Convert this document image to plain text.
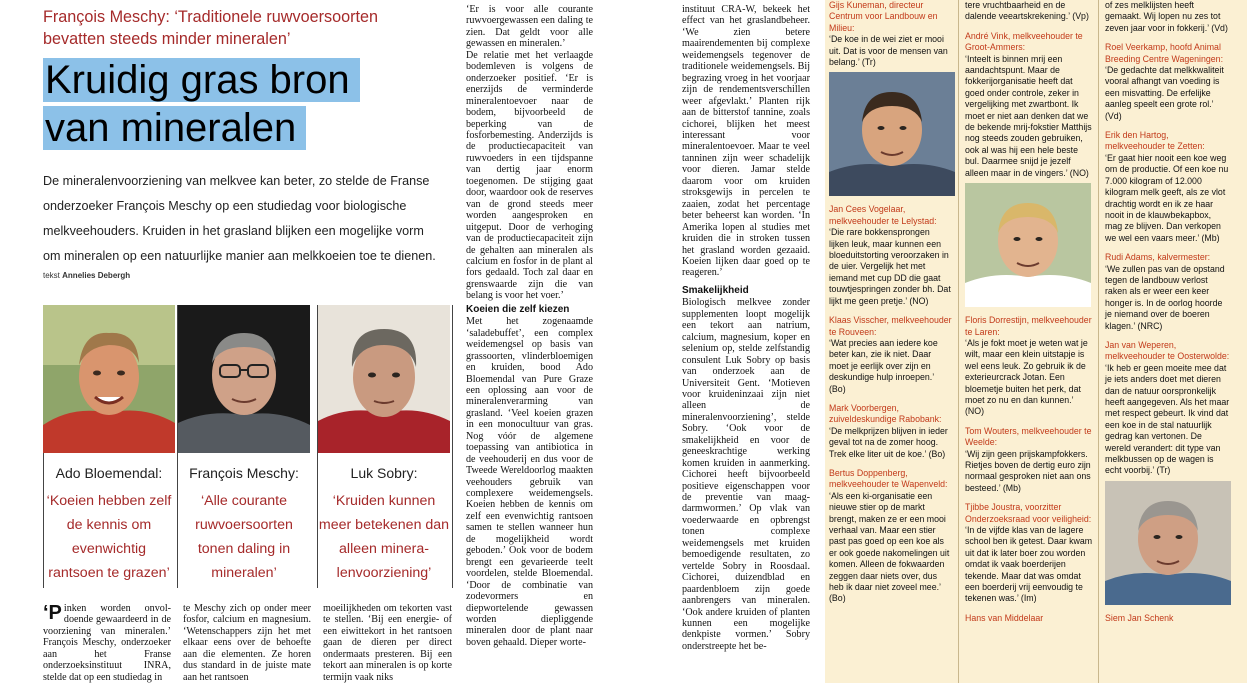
François Meschy: ‘Traditionele ruwvoersoorten bevatten steeds minder mineralen’
Kruidig gras bron
van mineralen
De mineralenvoorziening van melkvee kan beter, zo stelde de Franse onderzoeker François Meschy op een studiedag voor biologische melkveehouders. Kruiden in het grasland blijken een mogelijke vorm om mineralen op een natuurlijke manier aan melkkoeien toe te dienen.
tekst Annelies Debergh
Ado Bloemendal:
‘Koeien hebben zelf de kennis om evenwichtig rantsoen te grazen’
François Meschy:
‘Alle courante ruwvoersoorten tonen daling in mineralen’
Luk Sobry:
‘Kruiden kunnen meer betekenen dan alleen minera-lenvoorziening’
‘P inken worden onvol-doende gewaardeerd in de voorziening van mineralen.’ François Meschy, onderzoeker aan het Franse onderzoeksinstituut INRA, stelde dat op een studiedag in
te Meschy zich op onder meer fosfor, calcium en magnesium. ‘Wetenschappers zijn het met elkaar eens over de behoefte aan die elementen. Ze horen dus standard in de juiste mate aan het rantsoen
moeilijkheden om tekorten vast te stellen. ‘Bij een energie- of een eiwittekort in het rantsoen gaan de dieren per direct ondermaats presteren. Bij een tekort aan mineralen is op korte termijn vaak niks

‘Er is voor alle courante ruwvoergewassen een daling te zien. Dat geldt voor alle gewassen en mineralen.’

De relatie met het verlaagde bodemleven is volgens de onderzoeker positief. ‘Er is enerzijds de verminderde mineralentoevoer naar de bodem, bijvoorbeeld de beperking van de fosforbemesting. Anderzijds is de productiecapaciteit van ruwvoeders in een tijdspanne van dertig jaar enorm toegenomen. De stijging gaat door, waardoor ook de reserves van de grond steeds meer worden aangesproken en uitgeput. Door de verhoging van de productiecapaciteit zijn de gehalten aan mineralen als calcium en fosfor in de plant al fors gedaald. Toch zal daar en grenswaarde zijn die van belang is voor het voer.’

Koeien die zelf kiezen

Met het zogenaamde ‘saladebuffet’, een complex weidemengsel op basis van grassoorten, vlinderbloemigen en kruiden, bood Ado Bloemendal van Pure Graze een oplossing aan voor de mineralenverarming van grasland. ‘Veel koeien grazen in een monocultuur van gras. Nog vóór de algemene toepassing van antibiotica in de veehouderij en dus voor de Tweede Wereldoorlog maakten veehouders gebruik van complexere weidemengsels. Koeien hebben de kennis om zelf een evenwichtig rantsoen samen te stellen wanneer hun de mogelijkheid wordt geboden.’ Ook voor de bodem brengt een gevarieerde teelt voordelen, stelde Bloemendal. ‘Door de combinatie van zodevormers en diepwortelende gewassen worden diepliggende mineralen door de plant naar boven gehaald. Dieper worte-

instituut CRA-W, bekeek het effect van het graslandbeheer. ‘We zien betere maairendementen bij complexe weidemengsels tegenover de traditionele weidemengsels. Bij begrazing vroeg in het voorjaar zijn de rendementsverschillen weer afgevlakt.’ Planten rijk aan de bitterstof tannine, zoals cichorei, blijken het meest interessant voor mineralentoevoer. Maar te veel tanninen zijn weer schadelijk voor dieren. Jamar stelde daarom voor om kruiden stroksgewijs in percelen te zaaien, zodat het percentage beter beheerst kan worden. ‘In Amerika lopen al studies met kruiden die in stroken tussen het grasland worden gezaaid. Koeien lijken daar goed op te reageren.’

Smakelijkheid

Biologisch melkvee zonder supplementen loopt mogelijk een tekort aan natrium, calcium, magnesium, koper en selenium op, stelde zelfstandig consulent Luk Sobry op basis van onderzoek aan de Universiteit Gent. ‘Motieven voor kruideninzaai zijn niet alleen de mineralenvoorziening’, stelde Sobry. ‘Ook voor de smakelijkheid en voor de geneeskrachtige werking komen kruiden in aanmerking. Cichorei heeft bijvoorbeeld positieve eigenschappen voor de preventie van maag-darmwormen.’ Op vlak van voederwaarde en opbrengst tonen complexe weidemengsels met kruiden bemoedigende resultaten, zo vertelde Sobry in Roosdaal. Cichorei, duizendblad en paardenbloem zijn goede aanbrengers van mineralen. ‘Ook andere kruiden of planten kunnen een mogelijke denkpiste vormen.’ Sobry onderstreepte het be-

Gijs Kuneman, directeur Centrum voor Landbouw en Milieu:
‘De koe in de wei ziet er mooi uit. Dat is voor de mensen van belang.’ (Tr)
Jan Cees Vogelaar, melkveehouder te Lelystad:
‘Die rare bokkensprongen lijken leuk, maar kunnen een bloeduitstorting veroorzaken in de uier. Vergelijk het met iemand met cup DD die gaat touwtjespringen zonder bh. Dat lijkt me geen pretje.’ (NO)
Klaas Visscher, melkveehouder te Rouveen:
‘Wat precies aan iedere koe beter kan, zie ik niet. Daar moet je eerlijk over zijn en deskundige hulp inroepen.’ (Bo)
Mark Voorbergen, zuiveldeskundige Rabobank:
‘De melkprijzen blijven in ieder geval tot na de zomer hoog. Trek elke liter uit de koe.’ (Bo)
Bertus Doppenberg, melkveehouder te Wapenveld:
‘Als een ki-organisatie een nieuwe stier op de markt brengt, maken ze er een mooi verhaal van. Maar een stier past pas goed op een koe als er ook goede nakomelingen uit komen. Alleen de fokwaarden zeggen daar niets over, dus heb ik daar niet zoveel mee.’ (Bo)
tere vruchtbaarheid en de dalende veeartskrekening.’ (Vp)
André Vink, melkveehouder te Groot-Ammers:
‘Inteelt is binnen mrij een aandachtspunt. Maar de fokkerijorganisatie heeft dat goed onder controle, zeker in vergelijking met zwartbont. Ik moet er niet aan denken dat we de bekende mrij-fokstier Matthijs nog steeds zouden gebruiken, ook al was hij een hele beste bul. Daarmee snijd je jezelf alleen maar in de vingers.’ (NO)
Floris Dorrestijn, melkveehouder te Laren:
‘Als je fokt moet je weten wat je wilt, maar een klein uitstapje is wel eens leuk. Zo gebruik ik de exterieurcrack Jotan. Een bloemetje buiten het perk, dat moet zo nu en dan kunnen.’ (NO)
Tom Wouters, melkveehouder te Weelde:
‘Wij zijn geen prijskampfokkers. Rietjes boven de dertig euro zijn normaal gesproken niet aan ons besteed.’ (Mb)
Tjibbe Joustra, voorzitter Onderzoeksraad voor veiligheid:
‘In de vijfde klas van de lagere school ben ik getest. Daar kwam uit dat ik later boer zou worden omdat ik vaak boerderijen tekende. Maar dat was omdat een boerderij vrij eenvoudig te tekenen was.’ (Im)
Hans van Middelaar
of zes melklijsten heeft gemaakt. Wij lopen nu zes tot zeven jaar voor in fokkerij.’ (Vd)
Roel Veerkamp, hoofd Animal Breeding Centre Wageningen:
‘De gedachte dat melkkwaliteit vooral afhangt van voeding is een misvatting. De erfelijke aanleg speelt een grote rol.’ (Vd)
Erik den Hartog, melkveehouder te Zetten:
‘Er gaat hier nooit een koe weg om de productie. Of een koe nu 7.000 kilogram of 12.000 kilogram melk geeft, als ze vlot drachtig wordt en ik ze haar nooit in de klauwbekapbox, mag ze blijven. Dan verkopen we wel een vaars meer.’ (Mb)
Rudi Adams, kalvermester:
‘We zullen pas van de opstand tegen de landbouw verlost raken als er weer een keer honger is. In de oorlog hoorde je niemand over de boeren klagen.’ (NRC)
Jan van Weperen, melkveehouder te Oosterwolde:
‘Ik heb er geen moeite mee dat je iets anders doet met dieren dan de natuur oorspronkelijk heeft aangegeven. Als het maar met respect gebeurt. Ik vind dat een koe in de stal natuurlijk gedrag kan vertonen. De wereld verandert: dit type van melkbussen op de wagen is echt voorbij.’ (Tr)
Siem Jan Schenk
